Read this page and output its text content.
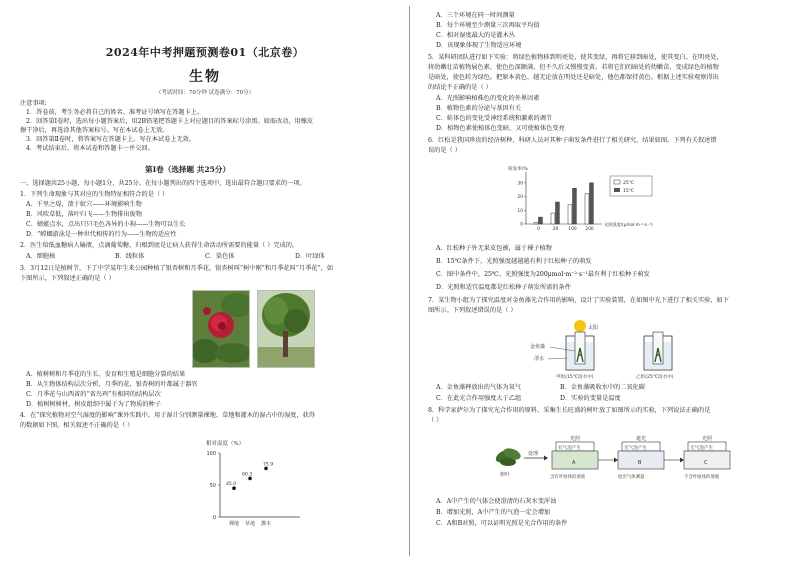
2024年中考押题预测卷01（北京卷）
生物
（考试时间：70分钟 试卷满分：70分）
注意事项:
1．答卷前，考生务必将自己的姓名、准考证号填写在答题卡上。
2．回答第Ⅰ卷时，选出每小题答案后，用2B铅笔把答题卡上对应题目的答案标号涂黑。如需改动，用橡皮
擦干净后，再选涂其他答案标号。写在本试卷上无效。
3．回答第Ⅱ卷时，将答案写在答题卡上。写在本试卷上无效。
4．考试结束后，将本试卷和答题卡一并交回。
第Ⅰ卷（选择题 共25分）
一、选择题共25小题，每小题1分，共25分。在每小题列出的四个选项中，选出最符合题目要求的一项。
1．下列生命现象与其对应的生物特征相符合的是（ ）
A．千里之堤，溃于蚁穴——环境影响生物
B．风吹草低，落叶归飞——生物排出废物
C．蜻蜓点水，点出只只毛色各异的小狗——生物可以生长
D．“螳螂游泳是一种世代相传的行为——生物的适应性
2．医生给低血糖病人输液，点滴葡萄糖，归根到底是让病人获得生命活动所需要的能量（ ）完成的。
A．细胞核	B．线粒体	C．染色体	D．叶绿体
3．3月12日是植树节，下了中学某年生来公园种植了银杏树和月季花，银杏树叫“树中刚”和月季花叫“月季花”，如
下图所示，下列叙述正确的是（ ）
A．植树树和月季花的生长、发育和生殖是细胞分裂的结果
B．从生物体结构层次分析，月季的花、银杏树的叶都属于器官
C．月季花与山西省的“省鸟鸡”有相同的结构层次
D．植树树树材，树皮组织中属于为了物质的种子
4．在“探究植物对空气湿度的影响”课外实践中，用于湿计分别测量裸地、草地和灌木的湿占中的湿度，获得
的数据如下图。相关叙述不正确的是（ ）
相对湿度（%）
100
50
0
45.0
裸地
60.3
草地
75.9
灌木
A．三个环境在同一时间测量
B．每个环境至少测量三次再取平均值
C．相对湿度最大的是灌木丛
D．该现象体现了生物适应环境
5．某科研团队进行如下实验：将绿色植物移到明亮处，使其变绿，再将它移到暗处，使其变白。在明亮处，
将幼嫩壮苗植物展色素，使色色深颇满，但不久后又慢慢变黄。若将它们的暗处的幼嫩苗，变成绿色的植物
是暗处，使色转为绿色。把原本黄色，越无论放在明处还是暗处，他色都保持黄色。根据上述实验观察得出
的结论不正确的是（ ）
A．光照影响植株色的变化的外界因素
B．植物色素的分泌与基因有关
C．蛙体色的变化受神经系统和激素的调节
D．植物色素使植体色变暗，又可使植体色变亮
6．红松是我国珍贵的经济树种，科研人员对其种子萌发条件进行了相关研究，结果如图。下列有关叙述错
误的是（ ）
萌发率/%
光照强度/(μmol·m⁻²·s⁻¹)
30
20
10
0
0	20 100 200
25℃
15℃
A．红松种子外无果皮包被，属于裸子植物
B．15℃条件下，光照强度越越越有利于红松种子的萌发
C．图中条件中，25℃、光照强度为200μmol·m⁻²·s⁻¹最有利于红松种子萌发
D．光照和适宜温度都是红松种子萌发所需的条件
7．某生物小组为了探究温度对金鱼藻光合作用的影响，设计了实验装置，在如图中光下进行了相关实验，如下
图所示。下列叙述错误的是（ ）
太阳
金鱼藻
清水
甲组(15℃清水中)	乙组(25℃清水中)
A．金鱼藻释放出的气体为氧气	B．金鱼藻吸收水中的二氧化碳
C．在此光合作用强度大于乙组	D．实验的变量是温度
8．科学家萨尔为了探究光合作用的原料，采集生长旺盛的树叶放了如图所示的实验，下列说法正确的是
（ ）
树叶
处理
光照
有气泡产生
A
含有叶绿体的溶液
遮光
无气泡产生
B
放出气体测量
光照
无气泡产生
C
不含叶绿体的溶液
A．A中产生的气体会使澄清的石灰水变浑浊
B．增加光照，A中产生的气泡一定会增加
C．A和B对照，可以证明光照是光合作用的条件
